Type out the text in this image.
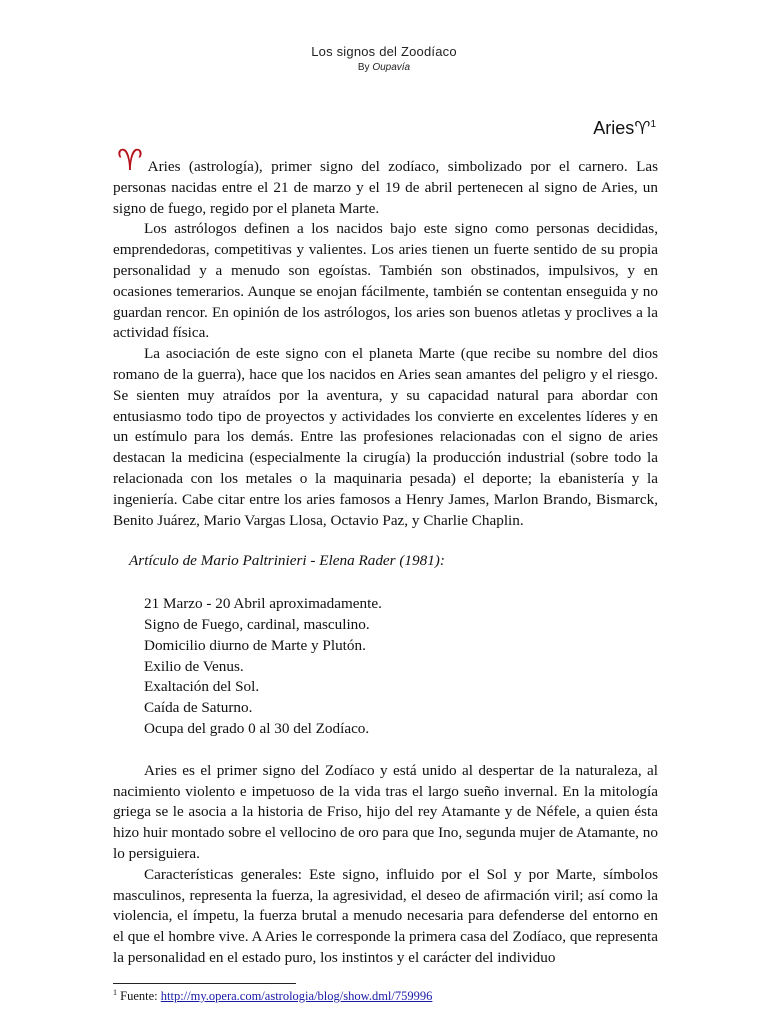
Los signos del Zoodíaco
By Oupavía
Aries♈$^1$

♈Aries (astrología), primer signo del zodíaco, simbolizado por el carnero. Las personas nacidas entre el 21 de marzo y el 19 de abril pertenecen al signo de Aries, un signo de fuego, regido por el planeta Marte.

Los astrólogos definen a los nacidos bajo este signo como personas decididas, emprendedoras, competitivas y valientes. Los aries tienen un fuerte sentido de su propia personalidad y a menudo son egoístas. También son obstinados, impulsivos, y en ocasiones temerarios. Aunque se enojan fácilmente, también se contentan enseguida y no guardan rencor. En opinión de los astrólogos, los aries son buenos atletas y proclives a la actividad física.

La asociación de este signo con el planeta Marte (que recibe su nombre del dios romano de la guerra), hace que los nacidos en Aries sean amantes del peligro y el riesgo. Se sienten muy atraídos por la aventura, y su capacidad natural para abordar con entusiasmo todo tipo de proyectos y actividades los convierte en excelentes líderes y en un estímulo para los demás. Entre las profesiones relacionadas con el signo de aries destacan la medicina (especialmente la cirugía) la producción industrial (sobre todo la relacionada con los metales o la maquinaria pesada) el deporte; la ebanistería y la ingeniería. Cabe citar entre los aries famosos a Henry James, Marlon Brando, Bismarck, Benito Juárez, Mario Vargas Llosa, Octavio Paz, y Charlie Chaplin.

Artículo de Mario Paltrinieri - Elena Rader (1981):

21 Marzo - 20 Abril aproximadamente.
Signo de Fuego, cardinal, masculino.
Domicilio diurno de Marte y Plutón.
Exilio de Venus.
Exaltación del Sol.
Caída de Saturno.
Ocupa del grado 0 al 30 del Zodíaco.

Aries es el primer signo del Zodíaco y está unido al despertar de la naturaleza, al nacimiento violento e impetuoso de la vida tras el largo sueño invernal. En la mitología griega se le asocia a la historia de Friso, hijo del rey Atamante y de Néfele, a quien ésta hizo huir montado sobre el vellocino de oro para que Ino, segunda mujer de Atamante, no lo persiguiera.

Características generales: Este signo, influido por el Sol y por Marte, símbolos masculinos, representa la fuerza, la agresividad, el deseo de afirmación viril; así como la violencia, el ímpetu, la fuerza brutal a menudo necesaria para defenderse del entorno en el que el hombre vive. A Aries le corresponde la primera casa del Zodíaco, que representa la personalidad en el estado puro, los instintos y el carácter del individuo

$^1$ Fuente: http://my.opera.com/astrologia/blog/show.dml/759996
